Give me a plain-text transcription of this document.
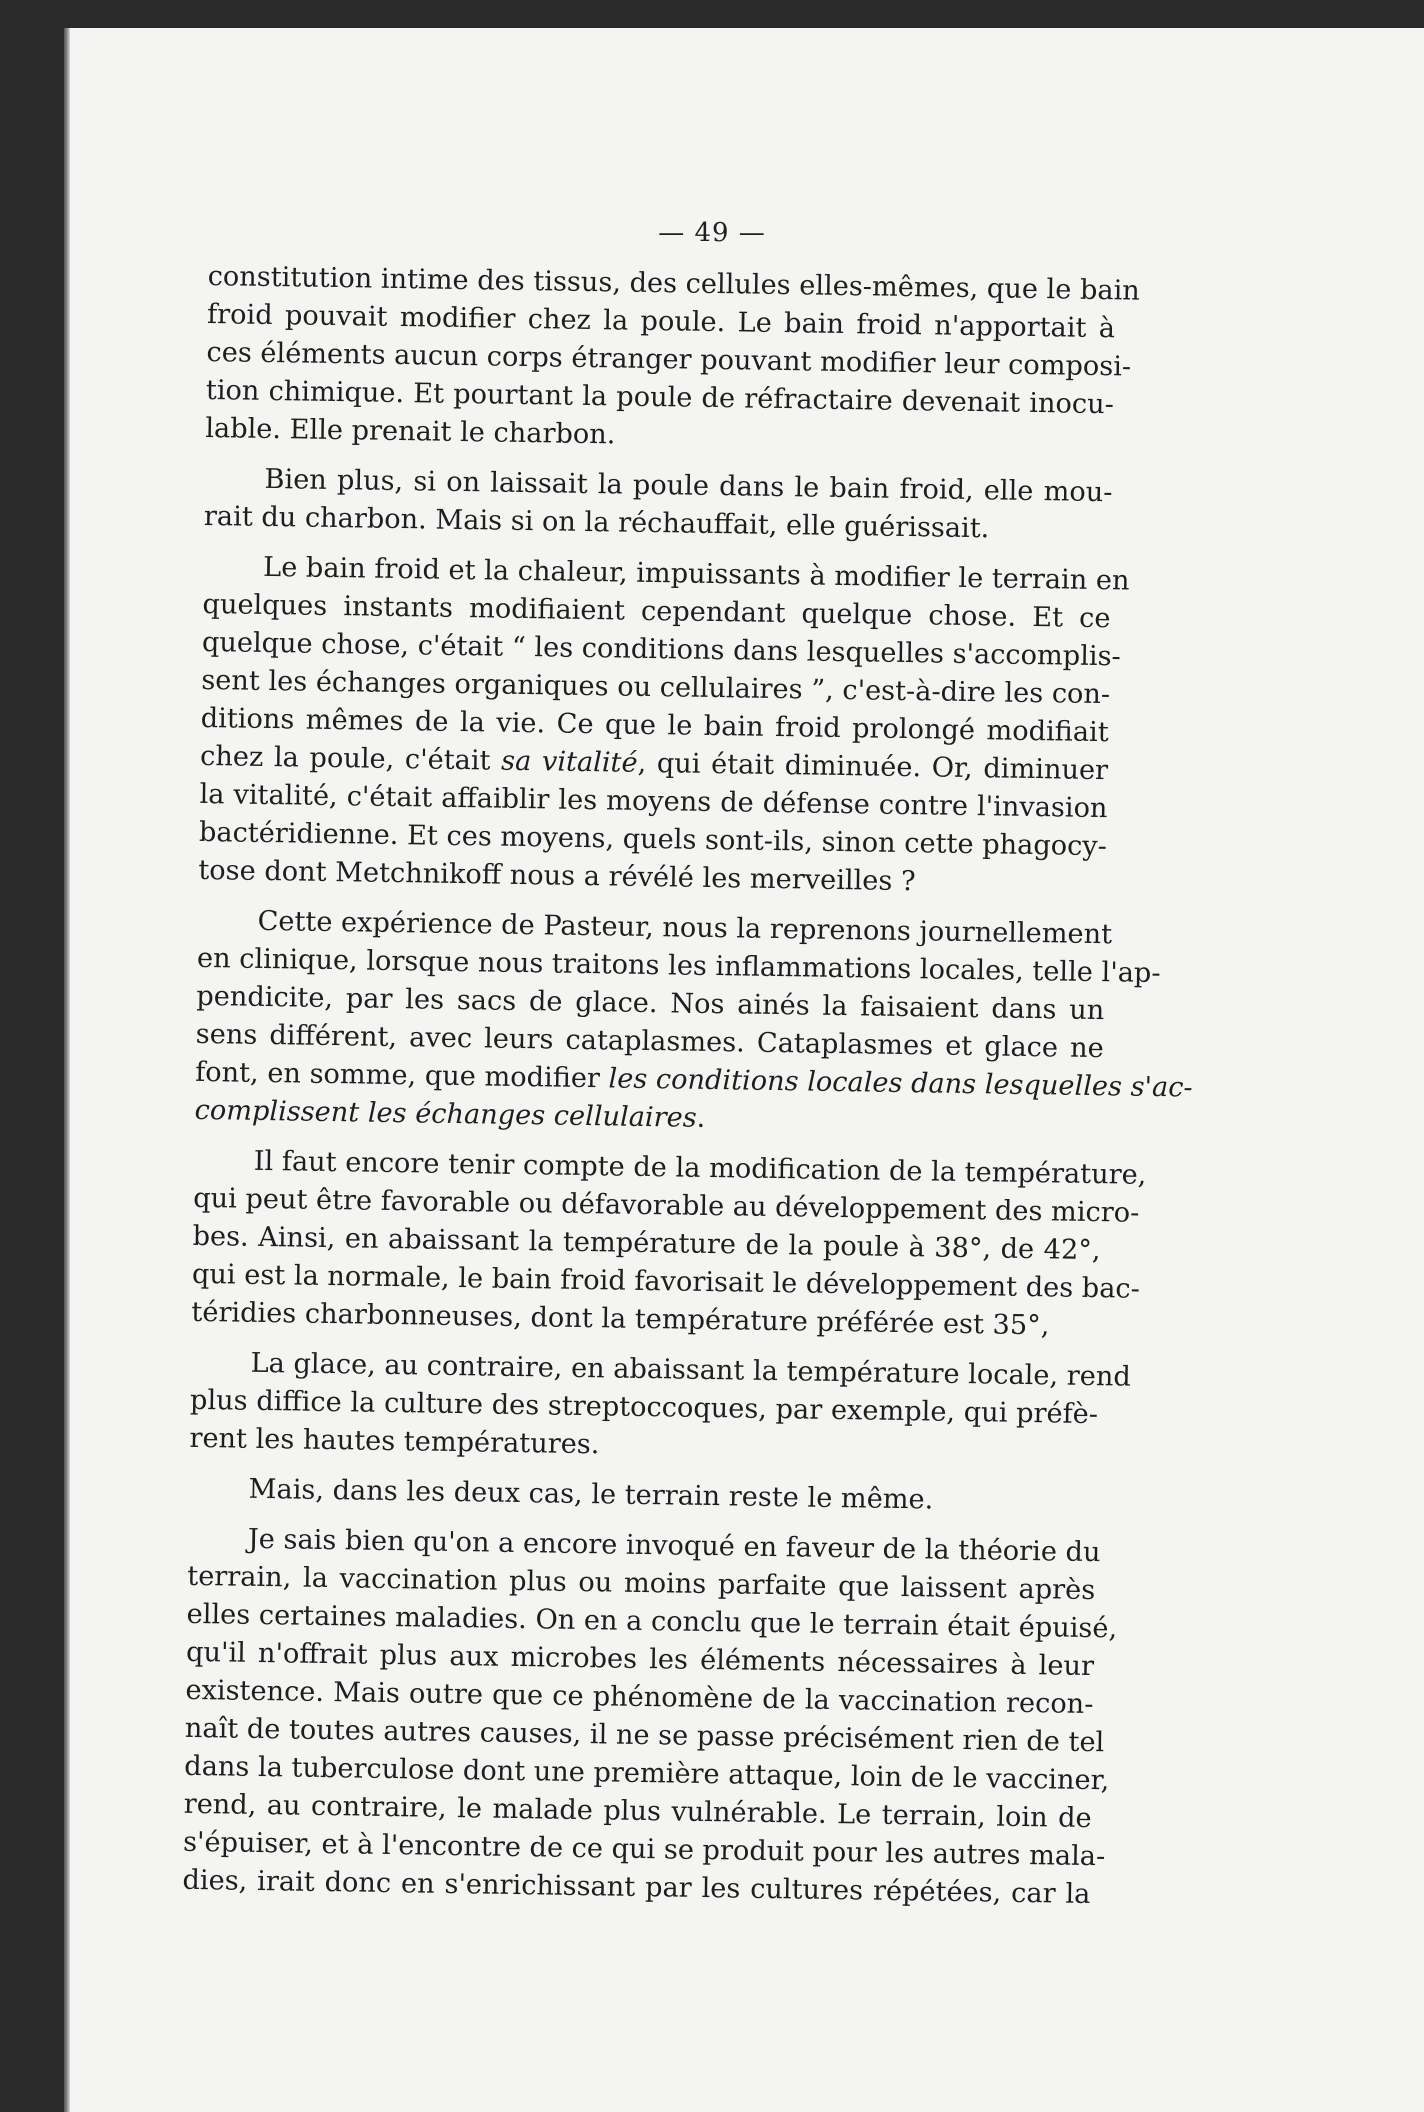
— 49 —
constitution intime des tissus, des cellules elles-mêmes, que le bain
froid pouvait modifier chez la poule. Le bain froid n'apportait à
ces éléments aucun corps étranger pouvant modifier leur composi-
tion chimique. Et pourtant la poule de réfractaire devenait inocu-
lable. Elle prenait le charbon.
Bien plus, si on laissait la poule dans le bain froid, elle mou-
rait du charbon. Mais si on la réchauffait, elle guérissait.
Le bain froid et la chaleur, impuissants à modifier le terrain en
quelques instants modifiaient cependant quelque chose. Et ce
quelque chose, c'était “ les conditions dans lesquelles s'accomplis-
sent les échanges organiques ou cellulaires ”, c'est-à-dire les con-
ditions mêmes de la vie. Ce que le bain froid prolongé modifiait
chez la poule, c'était sa vitalité, qui était diminuée. Or, diminuer
la vitalité, c'était affaiblir les moyens de défense contre l'invasion
bactéridienne. Et ces moyens, quels sont-ils, sinon cette phagocy-
tose dont Metchnikoff nous a révélé les merveilles ?
Cette expérience de Pasteur, nous la reprenons journellement
en clinique, lorsque nous traitons les inflammations locales, telle l'ap-
pendicite, par les sacs de glace. Nos ainés la faisaient dans un
sens différent, avec leurs cataplasmes. Cataplasmes et glace ne
font, en somme, que modifier les conditions locales dans lesquelles s'ac-
complissent les échanges cellulaires.
Il faut encore tenir compte de la modification de la température,
qui peut être favorable ou défavorable au développement des micro-
bes. Ainsi, en abaissant la température de la poule à 38°, de 42°,
qui est la normale, le bain froid favorisait le développement des bac-
téridies charbonneuses, dont la température préférée est 35°,
La glace, au contraire, en abaissant la température locale, rend
plus diffice la culture des streptoccoques, par exemple, qui préfè-
rent les hautes températures.
Mais, dans les deux cas, le terrain reste le même.
Je sais bien qu'on a encore invoqué en faveur de la théorie du
terrain, la vaccination plus ou moins parfaite que laissent après
elles certaines maladies. On en a conclu que le terrain était épuisé,
qu'il n'offrait plus aux microbes les éléments nécessaires à leur
existence. Mais outre que ce phénomène de la vaccination recon-
naît de toutes autres causes, il ne se passe précisément rien de tel
dans la tuberculose dont une première attaque, loin de le vacciner,
rend, au contraire, le malade plus vulnérable. Le terrain, loin de
s'épuiser, et à l'encontre de ce qui se produit pour les autres mala-
dies, irait donc en s'enrichissant par les cultures répétées, car la
